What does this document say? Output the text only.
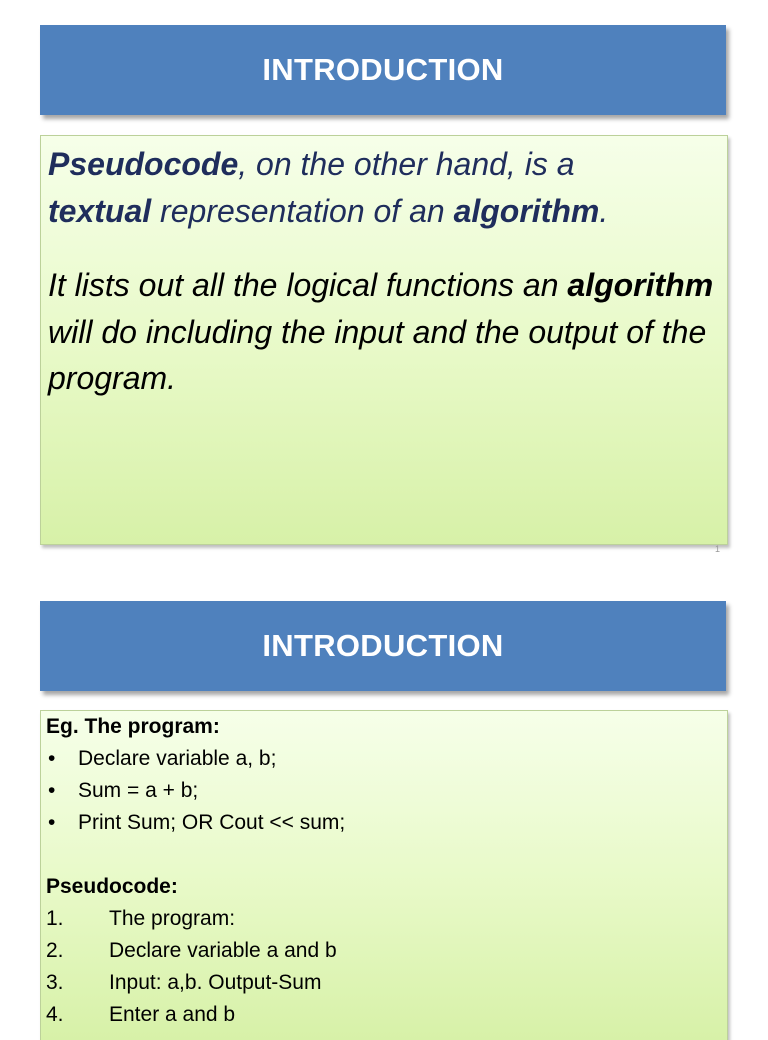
INTRODUCTION

Pseudocode, on the other hand, is a
textual representation of an algorithm.

It lists out all the logical functions an algorithm will do including the input and the output of the program.

1
INTRODUCTION
Eg. The program:
•	Declare variable a, b;
•	Sum = a + b;
•	Print Sum; OR Cout << sum;
Pseudocode:
1.	The program:
2.	Declare variable a and b
3.	Input: a,b. Output-Sum
4.	Enter a and b
